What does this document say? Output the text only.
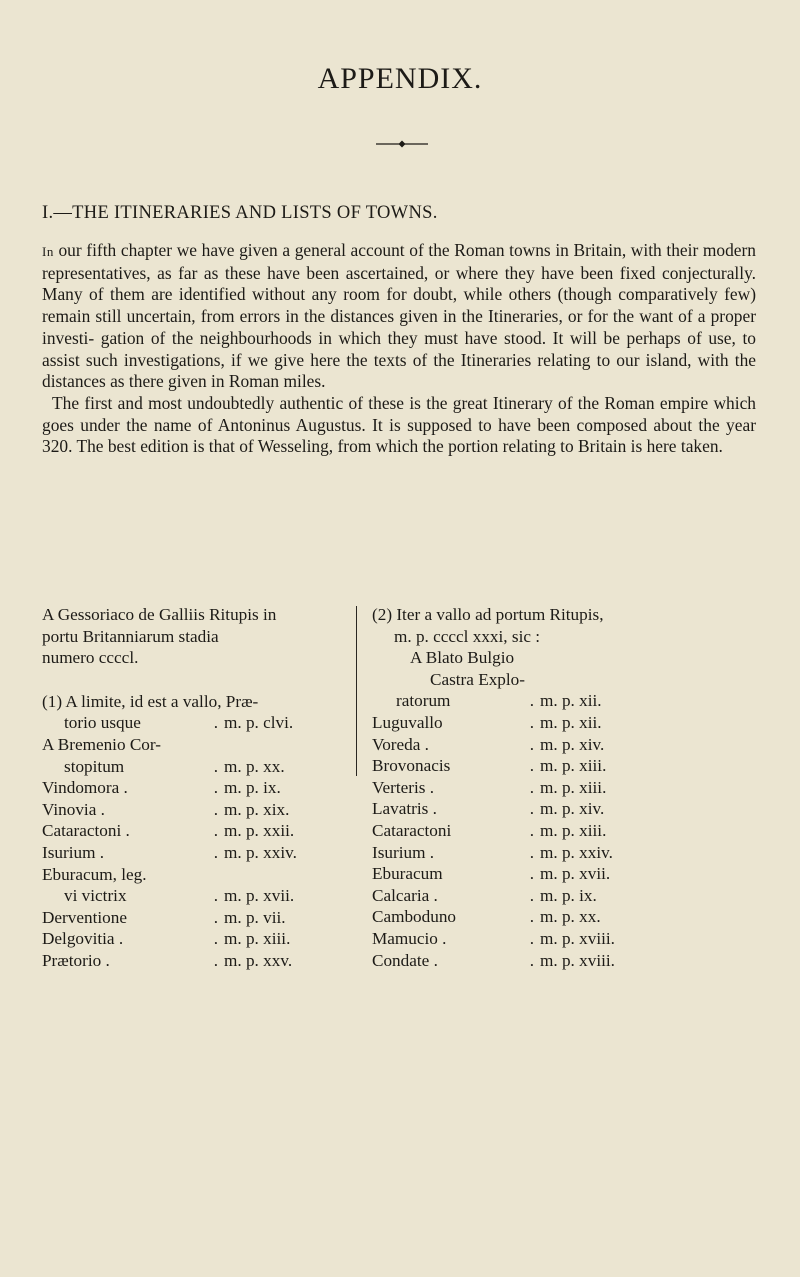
APPENDIX.
I.—THE ITINERARIES AND LISTS OF TOWNS.

In our fifth chapter we have given a general account of the Roman towns in Britain, with their modern representatives, as far as these have been ascertained, or where they have been fixed conjecturally. Many of them are identified without any room for doubt, while others (though comparatively few) remain still uncertain, from errors in the distances given in the Itineraries, or for the want of a proper investi- gation of the neighbourhoods in which they must have stood. It will be perhaps of use, to assist such investigations, if we give here the texts of the Itineraries relating to our island, with the distances as there given in Roman miles.

The first and most undoubtedly authentic of these is the great Itinerary of the Roman empire which goes under the name of Antoninus Augustus. It is supposed to have been composed about the year 320. The best edition is that of Wesseling, from which the portion relating to Britain is here taken.

A Gessoriaco de Galliis Ritupis in
portu Britanniarum stadia
numero ccccl.
(1) A limite, id est a vallo, Præ-
torio usque	. m. p. clvi.
A Bremenio Cor-
stopitum	. m. p. xx.
Vindomora .	. m. p. ix.
Vinovia .	. m. p. xix.
Cataractoni .	. m. p. xxii.
Isurium .	. m. p. xxiv.
Eburacum, leg.
vi victrix	. m. p. xvii.
Derventione	. m. p. vii.
Delgovitia .	. m. p. xiii.
Prætorio .	. m. p. xxv.
(2) Iter a vallo ad portum Ritupis,
m. p. ccccl xxxi, sic :
A Blato Bulgio
Castra Explo-
ratorum	. m. p. xii.
Luguvallo	. m. p. xii.
Voreda .	. m. p. xiv.
Brovonacis	. m. p. xiii.
Verteris .	. m. p. xiii.
Lavatris .	. m. p. xiv.
Cataractoni	. m. p. xiii.
Isurium .	. m. p. xxiv.
Eburacum	. m. p. xvii.
Calcaria .	. m. p. ix.
Camboduno	. m. p. xx.
Mamucio .	. m. p. xviii.
Condate .	. m. p. xviii.
